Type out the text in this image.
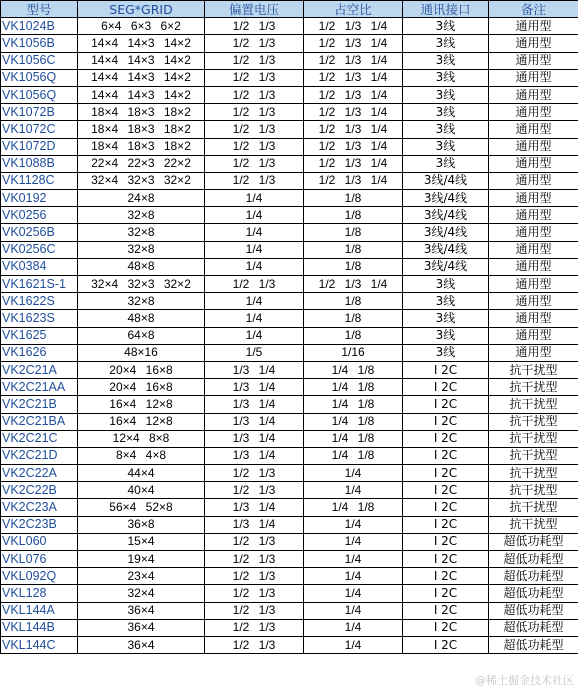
型号	SEG*GRID	偏置电压	占空比	通讯接口	备注
VK1024B	6×4 6×3 6×2	1/2 1/3	1/2 1/3 1/4	3线	通用型
VK1056B	14×4 14×3 14×2	1/2 1/3	1/2 1/3 1/4	3线	通用型
VK1056C	14×4 14×3 14×2	1/2 1/3	1/2 1/3 1/4	3线	通用型
VK1056Q	14×4 14×3 14×2	1/2 1/3	1/2 1/3 1/4	3线	通用型
VK1056Q	14×4 14×3 14×2	1/2 1/3	1/2 1/3 1/4	3线	通用型
VK1072B	18×4 18×3 18×2	1/2 1/3	1/2 1/3 1/4	3线	通用型
VK1072C	18×4 18×3 18×2	1/2 1/3	1/2 1/3 1/4	3线	通用型
VK1072D	18×4 18×3 18×2	1/2 1/3	1/2 1/3 1/4	3线	通用型
VK1088B	22×4 22×3 22×2	1/2 1/3	1/2 1/3 1/4	3线	通用型
VK1128C	32×4 32×3 32×2	1/2 1/3	1/2 1/3 1/4	3线/4线	通用型
VK0192	24×8	1/4	1/8	3线/4线	通用型
VK0256	32×8	1/4	1/8	3线/4线	通用型
VK0256B	32×8	1/4	1/8	3线/4线	通用型
VK0256C	32×8	1/4	1/8	3线/4线	通用型
VK0384	48×8	1/4	1/8	3线/4线	通用型
VK1621S-1	32×4 32×3 32×2	1/2 1/3	1/2 1/3 1/4	3线	通用型
VK1622S	32×8	1/4	1/8	3线	通用型
VK1623S	48×8	1/4	1/8	3线	通用型
VK1625	64×8	1/4	1/8	3线	通用型
VK1626	48×16	1/5	1/16	3线	通用型
VK2C21A	20×4 16×8	1/3 1/4	1/4 1/8	I 2C	抗干扰型
VK2C21AA	20×4 16×8	1/3 1/4	1/4 1/8	I 2C	抗干扰型
VK2C21B	16×4 12×8	1/3 1/4	1/4 1/8	I 2C	抗干扰型
VK2C21BA	16×4 12×8	1/3 1/4	1/4 1/8	I 2C	抗干扰型
VK2C21C	12×4 8×8	1/3 1/4	1/4 1/8	I 2C	抗干扰型
VK2C21D	8×4 4×8	1/3 1/4	1/4 1/8	I 2C	抗干扰型
VK2C22A	44×4	1/2 1/3	1/4	I 2C	抗干扰型
VK2C22B	40×4	1/2 1/3	1/4	I 2C	抗干扰型
VK2C23A	56×4 52×8	1/3 1/4	1/4 1/8	I 2C	抗干扰型
VK2C23B	36×8	1/3 1/4	1/4	I 2C	抗干扰型
VKL060	15×4	1/2 1/3	1/4	I 2C	超低功耗型
VKL076	19×4	1/2 1/3	1/4	I 2C	超低功耗型
VKL092Q	23×4	1/2 1/3	1/4	I 2C	超低功耗型
VKL128	32×4	1/2 1/3	1/4	I 2C	超低功耗型
VKL144A	36×4	1/2 1/3	1/4	I 2C	超低功耗型
VKL144B	36×4	1/2 1/3	1/4	I 2C	超低功耗型
VKL144C	36×4	1/2 1/3	1/4	I 2C	超低功耗型
@稀土掘金技术社区
